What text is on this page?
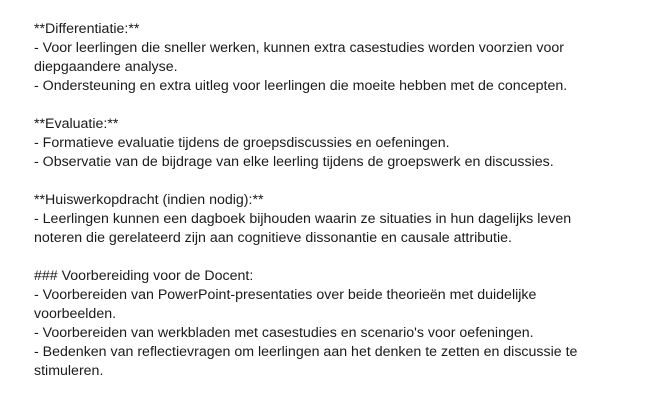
**Differentiatie:**
- Voor leerlingen die sneller werken, kunnen extra casestudies worden voorzien voor
diepgaandere analyse.
- Ondersteuning en extra uitleg voor leerlingen die moeite hebben met de concepten.
**Evaluatie:**
- Formatieve evaluatie tijdens de groepsdiscussies en oefeningen.
- Observatie van de bijdrage van elke leerling tijdens de groepswerk en discussies.
**Huiswerkopdracht (indien nodig):**
- Leerlingen kunnen een dagboek bijhouden waarin ze situaties in hun dagelijks leven
noteren die gerelateerd zijn aan cognitieve dissonantie en causale attributie.
### Voorbereiding voor de Docent:
- Voorbereiden van PowerPoint-presentaties over beide theorieën met duidelijke
voorbeelden.
- Voorbereiden van werkbladen met casestudies en scenario's voor oefeningen.
- Bedenken van reflectievragen om leerlingen aan het denken te zetten en discussie te
stimuleren.
